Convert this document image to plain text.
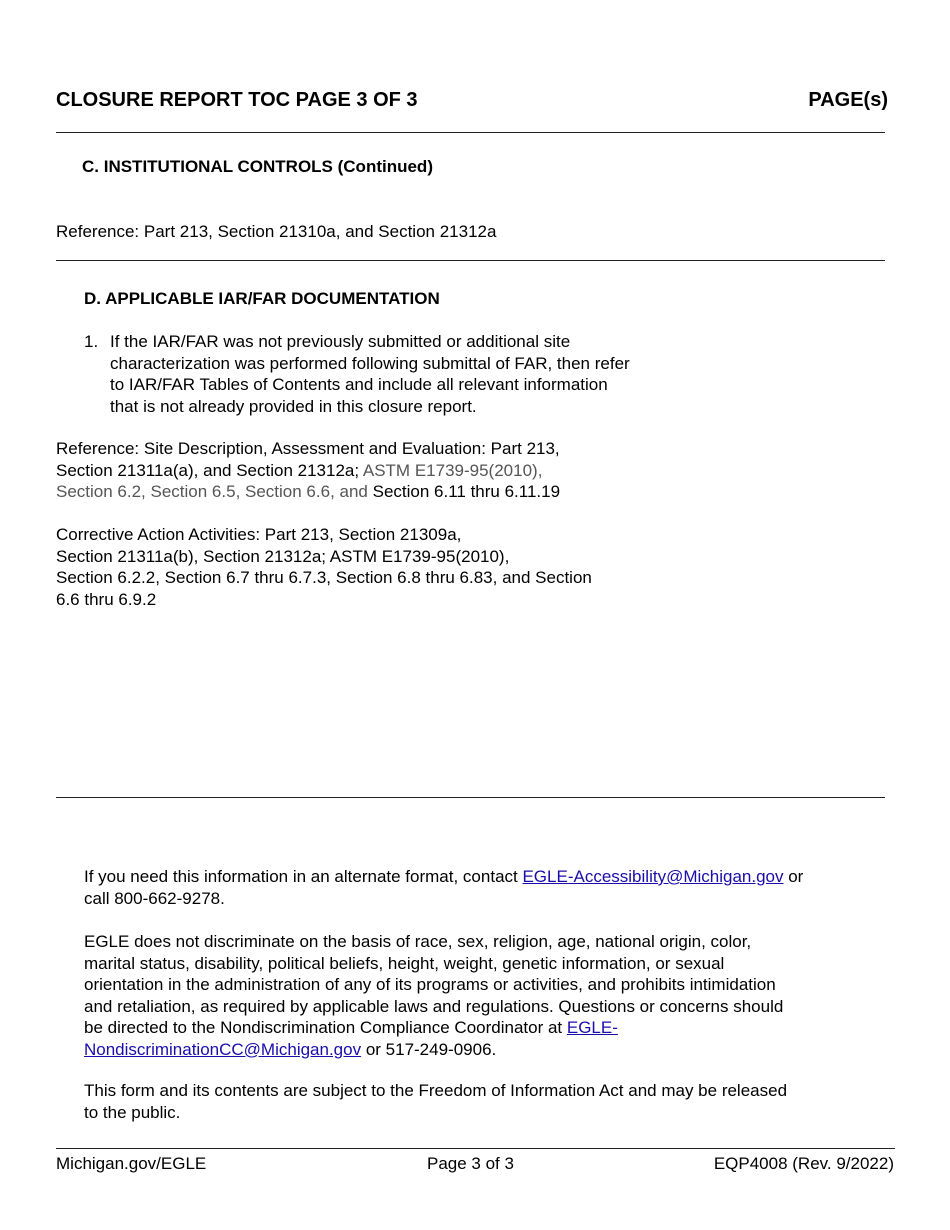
CLOSURE REPORT TOC PAGE 3 OF 3	PAGE(s)
C. INSTITUTIONAL CONTROLS (Continued)
Reference: Part 213, Section 21310a, and Section 21312a
D. APPLICABLE IAR/FAR DOCUMENTATION
1. If the IAR/FAR was not previously submitted or additional site

characterization was performed following submittal of FAR, then refer

to IAR/FAR Tables of Contents and include all relevant information

that is not already provided in this closure report.

Reference: Site Description, Assessment and Evaluation: Part 213,

Section 21311a(a), and Section 21312a; ASTM E1739-95(2010),

Section 6.2, Section 6.5, Section 6.6, and Section 6.11 thru 6.11.19

Corrective Action Activities: Part 213, Section 21309a,

Section 21311a(b), Section 21312a; ASTM E1739-95(2010),

Section 6.2.2, Section 6.7 thru 6.7.3, Section 6.8 thru 6.83, and Section

6.6 thru 6.9.2

If you need this information in an alternate format, contact EGLE-Accessibility@Michigan.gov or

call 800-662-9278.

EGLE does not discriminate on the basis of race, sex, religion, age, national origin, color,

marital status, disability, political beliefs, height, weight, genetic information, or sexual

orientation in the administration of any of its programs or activities, and prohibits intimidation

and retaliation, as required by applicable laws and regulations. Questions or concerns should

be directed to the Nondiscrimination Compliance Coordinator at EGLE-

NondiscriminationCC@Michigan.gov or 517-249-0906.

This form and its contents are subject to the Freedom of Information Act and may be released

to the public.

Michigan.gov/EGLE	Page 3 of 3	EQP4008 (Rev. 9/2022)
